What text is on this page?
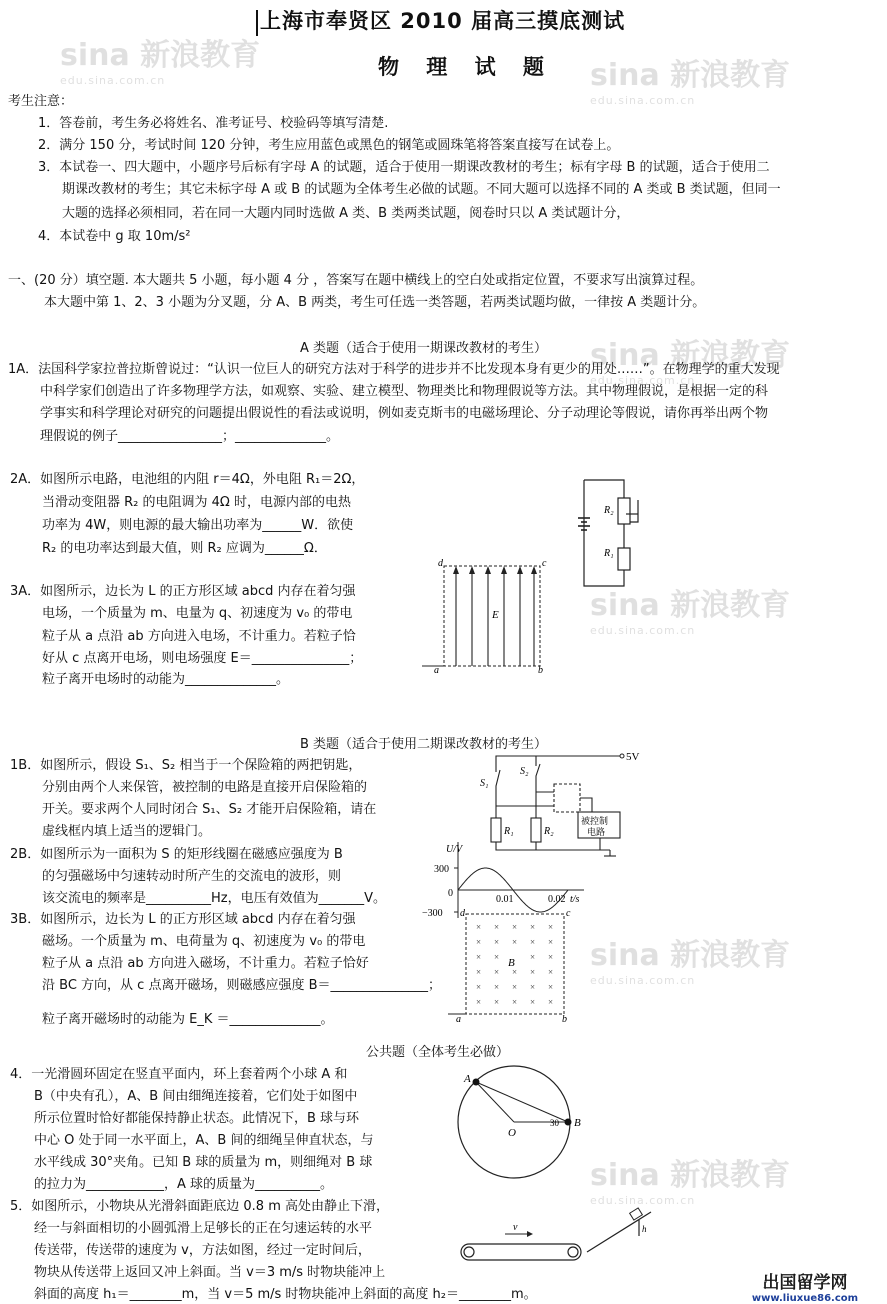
sina 新浪教育
edu.sina.com.cn	sina 新浪教育
edu.sina.com.cn
sina 新浪教育
edu.sina.com.cn
sina 新浪教育
edu.sina.com.cn
sina 新浪教育
edu.sina.com.cn
sina 新浪教育
edu.sina.com.cn
上海市奉贤区 2010 届高三摸底测试
物 理 试 题
考生注意：
1．答卷前，考生务必将姓名、准考证号、校验码等填写清楚.
2．满分 150 分，考试时间 120 分钟，考生应用蓝色或黑色的钢笔或圆珠笔将答案直接写在试卷上。
3．本试卷一、四大题中，小题序号后标有字母 A 的试题，适合于使用一期课改教材的考生；标有字母 B 的试题，适合于使用二
期课改教材的考生；其它未标字母 A 或 B 的试题为全体考生必做的试题。不同大题可以选择不同的 A 类或 B 类试题，但同一
大题的选择必须相同，若在同一大题内同时选做 A 类、B 类两类试题，阅卷时只以 A 类试题计分，
4．本试卷中 g 取 10m/s²
一、(20 分）填空题. 本大题共 5 小题，每小题 4 分 ，答案写在题中横线上的空白处或指定位置，不要求写出演算过程。
本大题中第 1、2、3 小题为分叉题，分 A、B 两类，考生可任选一类答题，若两类试题均做，一律按 A 类题计分。
A 类题（适合于使用一期课改教材的考生）
1A．法国科学家拉普拉斯曾说过：“认识一位巨人的研究方法对于科学的进步并不比发现本身有更少的用处……”。在物理学的重大发现
中科学家们创造出了许多物理学方法，如观察、实验、建立模型、物理类比和物理假说等方法。其中物理假说，是根据一定的科
学事实和科学理论对研究的问题提出假说性的看法或说明，例如麦克斯韦的电磁场理论、分子动理论等假说，请你再举出两个物
理假说的例子________________；______________。
2A．如图所示电路，电池组的内阻 r＝4Ω，外电阻 R₁＝2Ω，
当滑动变阻器 R₂ 的电阻调为 4Ω 时，电源内部的电热
功率为 4W，则电源的最大输出功率为______W．欲使
R₂ 的电功率达到最大值，则 R₂ 应调为______Ω．
R₂
R₁
3A．如图所示，边长为 L 的正方形区域 abcd 内存在着匀强
电场，一个质量为 m、电量为 q、初速度为 v₀ 的带电
粒子从 a 点沿 ab 方向进入电场，不计重力。若粒子恰
好从 c 点离开电场，则电场强度 E＝_______________；
粒子离开电场时的动能为______________。
d	c
a	b
E
B 类题（适合于使用二期课改教材的考生）
1B．如图所示，假设 S₁、S₂ 相当于一个保险箱的两把钥匙，
分别由两个人来保管，被控制的电路是直接开启保险箱的
开关。要求两个人同时闭合 S₁、S₂ 才能开启保险箱，请在
虚线框内填上适当的逻辑门。
5V
S₁
S₂
R₁	R₂
被控制
电路
2B．如图所示为一面积为 S 的矩形线圈在磁感应强度为 B
的匀强磁场中匀速转动时所产生的交流电的波形，则
该交流电的频率是__________Hz，电压有效值为_______V。
U/V
300
0
−300
0.01	0.02 t/s
3B．如图所示，边长为 L 的正方形区域 abcd 内存在着匀强
磁场。一个质量为 m、电荷量为 q、初速度为 v₀ 的带电
粒子从 a 点沿 ab 方向进入磁场，不计重力。若粒子恰好
沿 BC 方向，从 c 点离开磁场，则磁感应强度 B＝_______________；
粒子离开磁场时的动能为 E_K ＝______________。
× × × × ×
× × × × ×
× ×	× ×
× × × × ×
× × × × ×
× × × × ×
d	c
a	b
B
公共题（全体考生必做）
4．一光滑圆环固定在竖直平面内，环上套着两个小球 A 和
B（中央有孔），A、B 间由细绳连接着，它们处于如图中
所示位置时恰好都能保持静止状态。此情况下，B 球与环
中心 O 处于同一水平面上，A、B 间的细绳呈伸直状态，与
水平线成 30°夹角。已知 B 球的质量为 m，则细绳对 B 球
的拉力为____________，A 球的质量为__________。
A
B
O
30
5．如图所示，小物块从光滑斜面距底边 0.8 m 高处由静止下滑，
经一与斜面相切的小圆弧滑上足够长的正在匀速运转的水平
传送带，传送带的速度为 v，方法如图，经过一定时间后，
物块从传送带上返回又冲上斜面。当 v＝3 m/s 时物块能冲上
斜面的高度 h₁＝________m，当 v＝5 m/s 时物块能冲上斜面的高度 h₂＝________m。
v	h
出国留学网
www.liuxue86.com
